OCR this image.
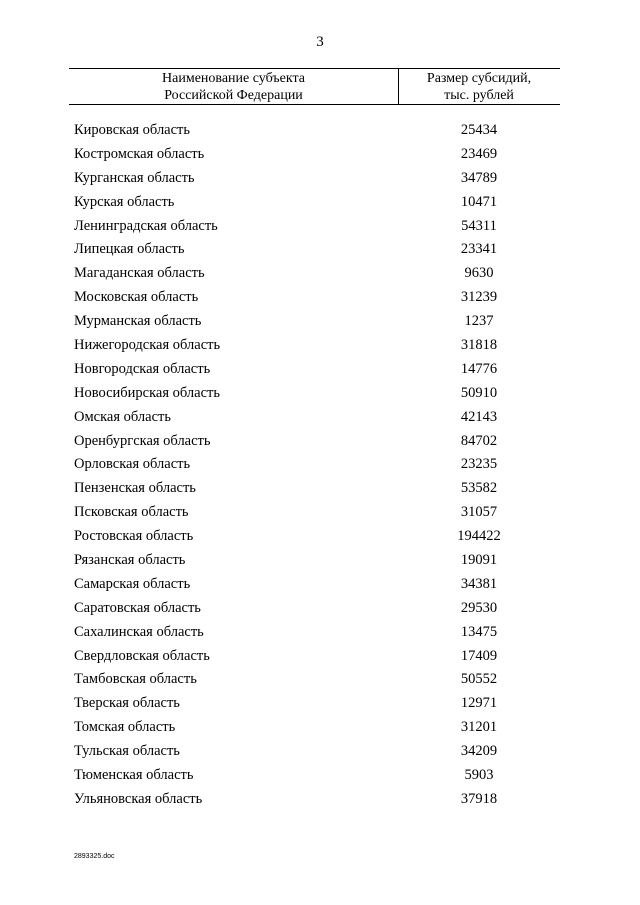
3
Наименование субъекта
Российской Федерации
Размер субсидий,
тыс. рублей
Кировская область	25434
Костромская область	23469
Курганская область	34789
Курская область	10471
Ленинградская область	54311
Липецкая область	23341
Магаданская область	9630
Московская область	31239
Мурманская область	1237
Нижегородская область	31818
Новгородская область	14776
Новосибирская область	50910
Омская область	42143
Оренбургская область	84702
Орловская область	23235
Пензенская область	53582
Псковская область	31057
Ростовская область	194422
Рязанская область	19091
Самарская область	34381
Саратовская область	29530
Сахалинская область	13475
Свердловская область	17409
Тамбовская область	50552
Тверская область	12971
Томская область	31201
Тульская область	34209
Тюменская область	5903
Ульяновская область	37918
2893325.doc
